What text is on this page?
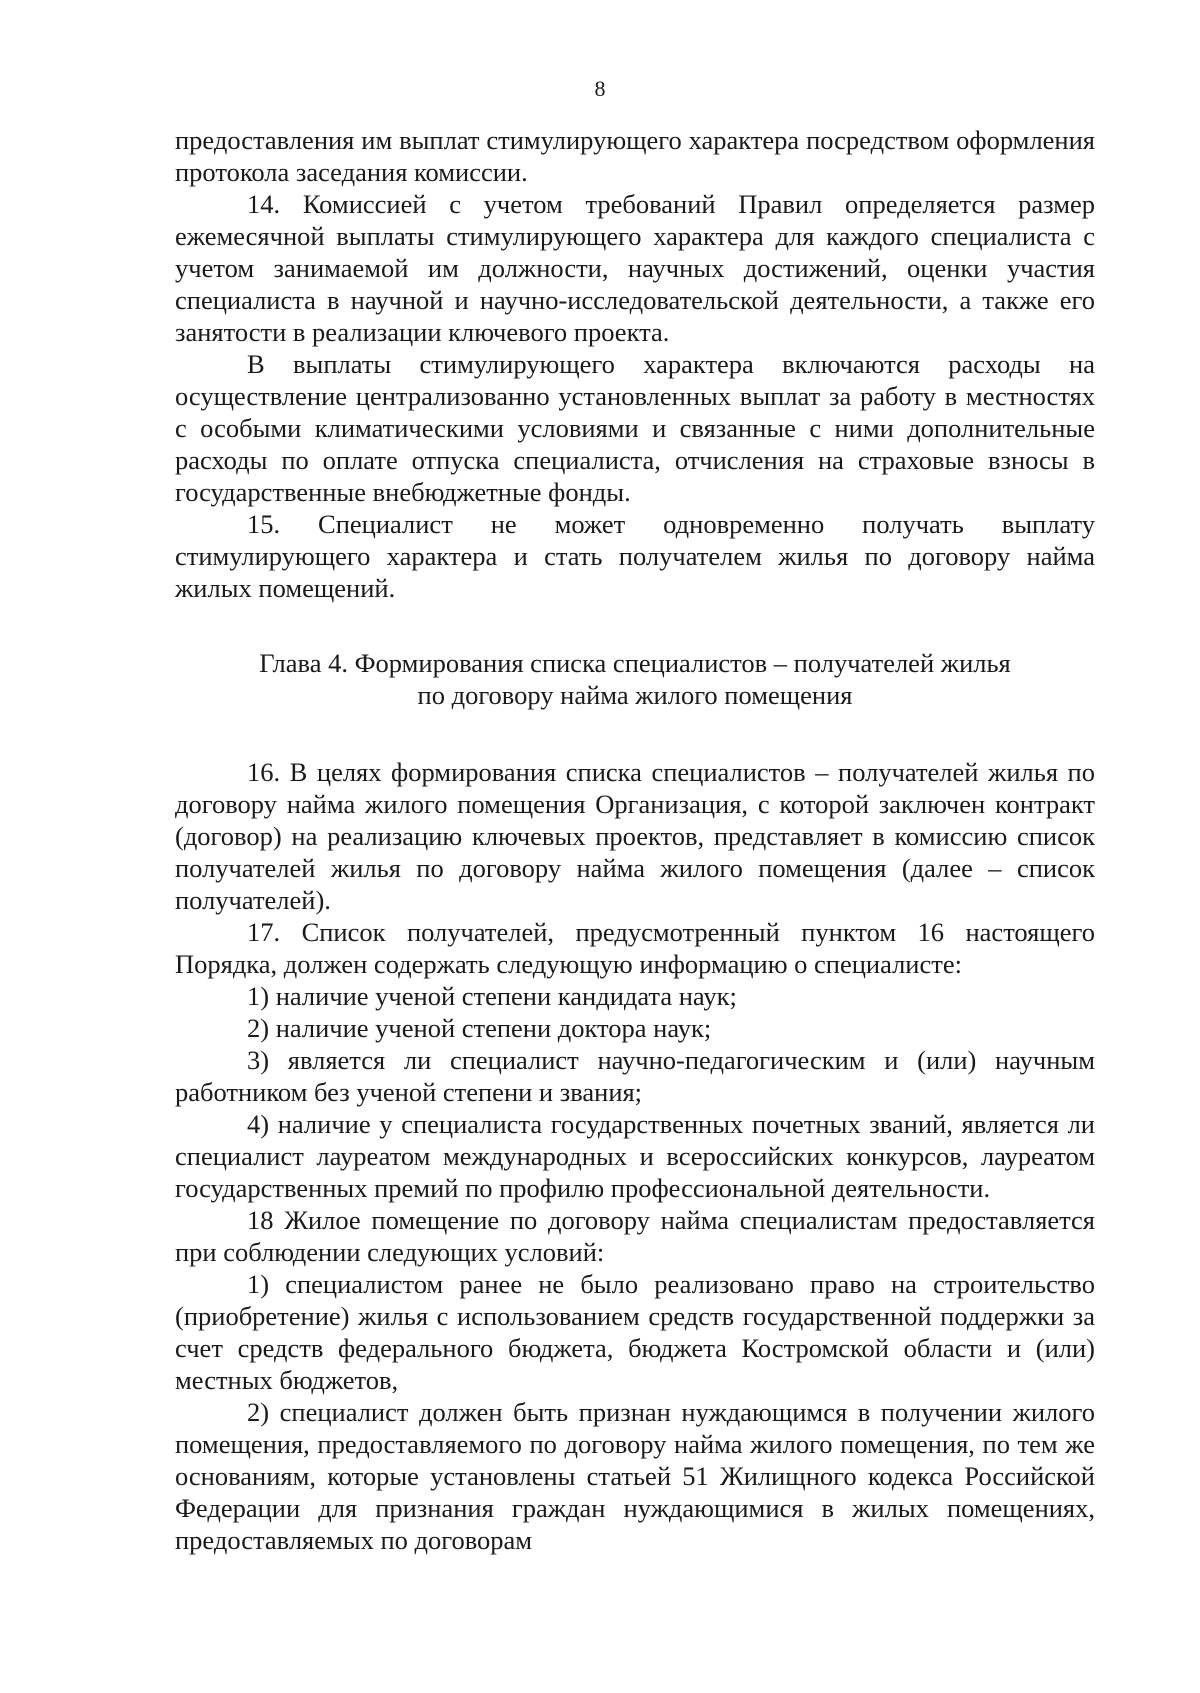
8

предоставления им выплат стимулирующего характера посредством оформления протокола заседания комиссии.

14. Комиссией с учетом требований Правил определяется размер ежемесячной выплаты стимулирующего характера для каждого специалиста с учетом занимаемой им должности, научных достижений, оценки участия специалиста в научной и научно-исследовательской деятельности, а также его занятости в реализации ключевого проекта.

В выплаты стимулирующего характера включаются расходы на осуществление централизованно установленных выплат за работу в местностях с особыми климатическими условиями и связанные с ними дополнительные расходы по оплате отпуска специалиста, отчисления на страховые взносы в государственные внебюджетные фонды.

15. Специалист не может одновременно получать выплату стимулирующего характера и стать получателем жилья по договору найма жилых помещений.

Глава 4. Формирования списка специалистов – получателей жилья
по договору найма жилого помещения

16. В целях формирования списка специалистов – получателей жилья по договору найма жилого помещения Организация, с которой заключен контракт (договор) на реализацию ключевых проектов, представляет в комиссию список получателей жилья по договору найма жилого помещения (далее – список получателей).

17. Список получателей, предусмотренный пунктом 16 настоящего Порядка, должен содержать следующую информацию о специалисте:

1) наличие ученой степени кандидата наук;

2) наличие ученой степени доктора наук;

3) является ли специалист научно-педагогическим и (или) научным работником без ученой степени и звания;

4) наличие у специалиста государственных почетных званий, является ли специалист лауреатом международных и всероссийских конкурсов, лауреатом государственных премий по профилю профессиональной деятельности.

18 Жилое помещение по договору найма специалистам предоставляется при соблюдении следующих условий:

1) специалистом ранее не было реализовано право на строительство (приобретение) жилья с использованием средств государственной поддержки за счет средств федерального бюджета, бюджета Костромской области и (или) местных бюджетов,

2) специалист должен быть признан нуждающимся в получении жилого помещения, предоставляемого по договору найма жилого помещения, по тем же основаниям, которые установлены статьей 51 Жилищного кодекса Российской Федерации для признания граждан нуждающимися в жилых помещениях, предоставляемых по договорам
